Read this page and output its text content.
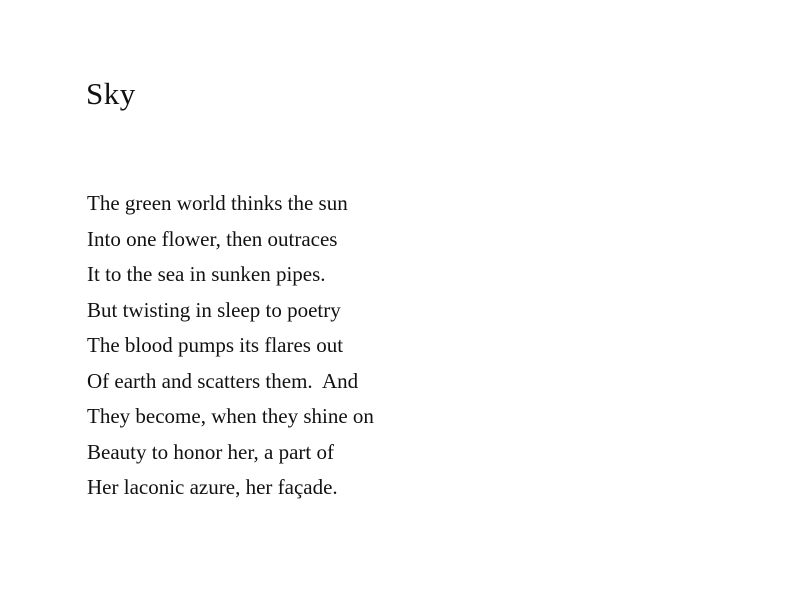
Sky
The green world thinks the sun
Into one flower, then outraces
It to the sea in sunken pipes.
But twisting in sleep to poetry
The blood pumps its flares out
Of earth and scatters them.  And
They become, when they shine on
Beauty to honor her, a part of
Her laconic azure, her façade.
